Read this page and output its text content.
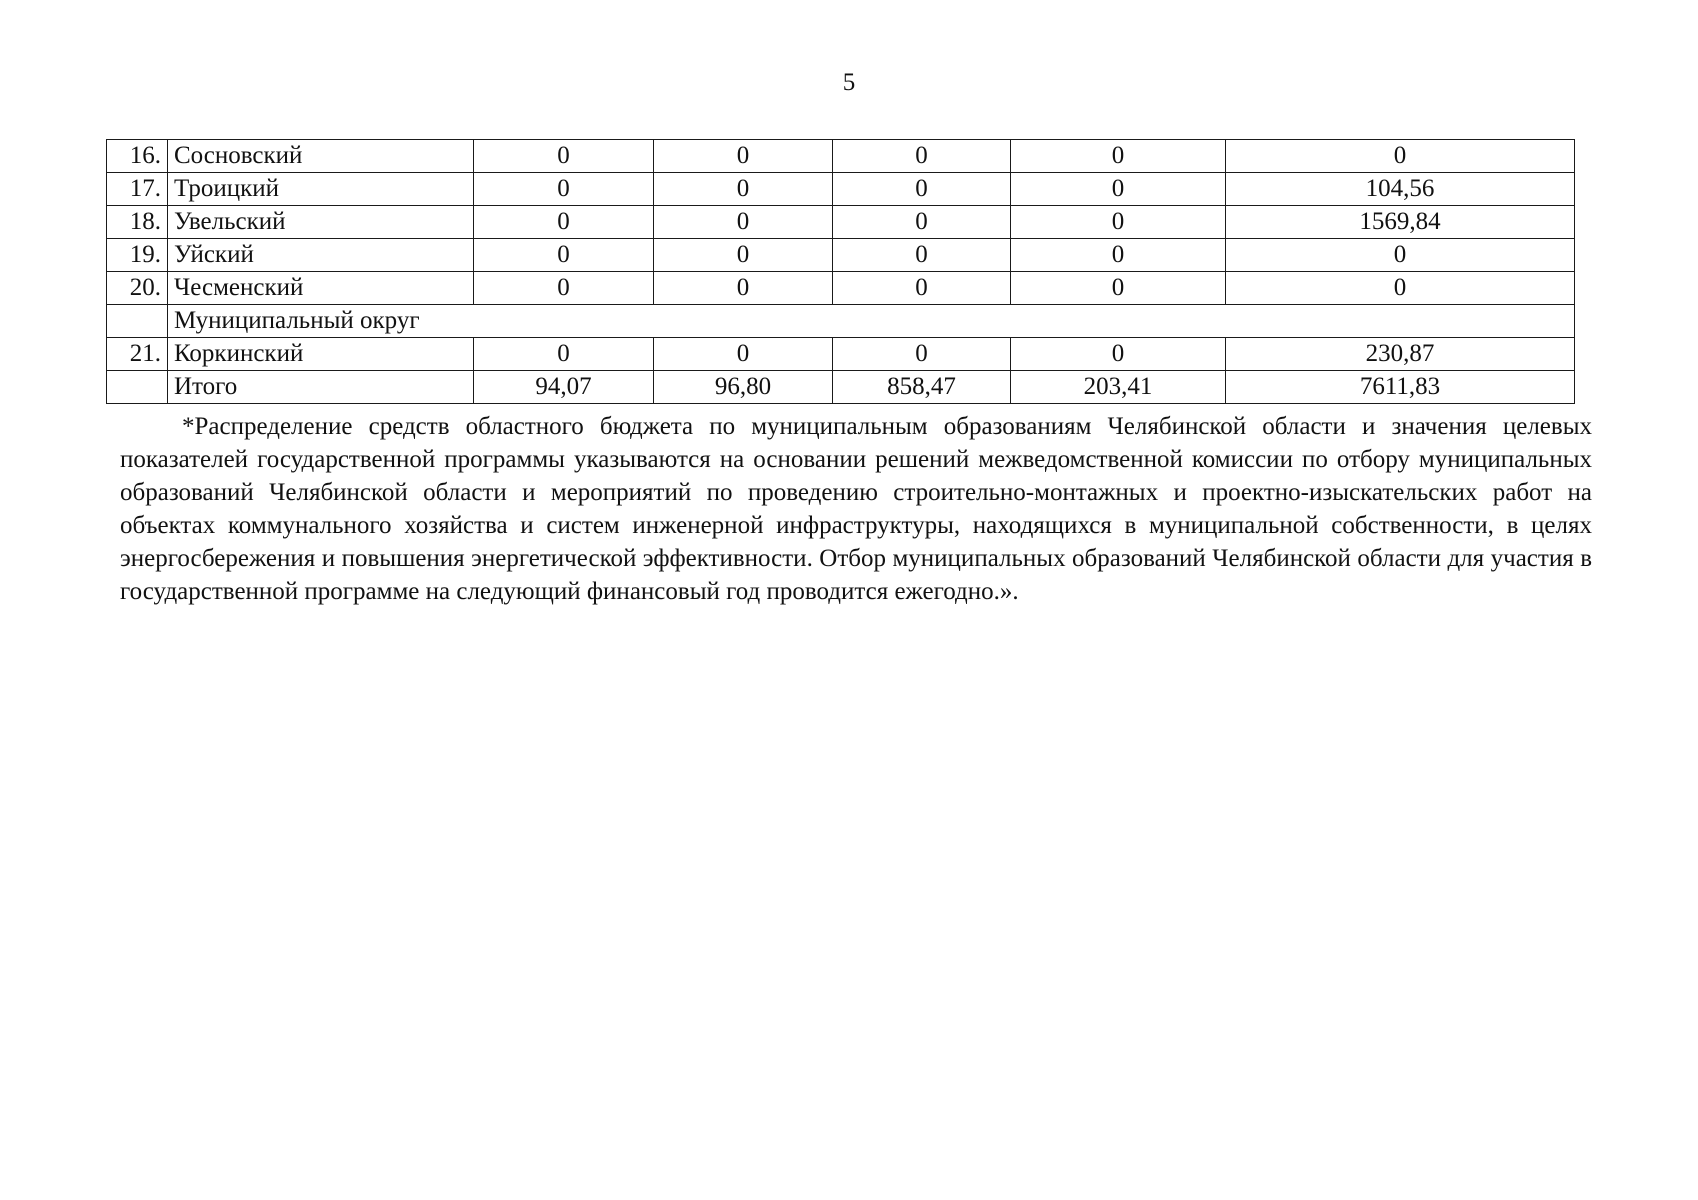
5
16.	Сосновский	0	0	0	0	0
17.	Троицкий	0	0	0	0	104,56
18.	Увельский	0	0	0	0	1569,84
19.	Уйский	0	0	0	0	0
20.	Чесменский	0	0	0	0	0
	Муниципальный округ					
21.	Коркинский	0	0	0	0	230,87
	Итого	94,07	96,80	858,47	203,41	7611,83

*Распределение средств областного бюджета по муниципальным образованиям Челябинской области и значения целевых показателей государственной программы указываются на основании решений межведомственной комиссии по отбору муниципальных образований Челябинской области и мероприятий по проведению строительно-монтажных и проектно-изыскательских работ на объектах коммунального хозяйства и систем инженерной инфраструктуры, находящихся в муниципальной собственности, в целях энергосбережения и повышения энергетической эффективности. Отбор муниципальных образований Челябинской области для участия в государственной программе на следующий финансовый год проводится ежегодно.».
